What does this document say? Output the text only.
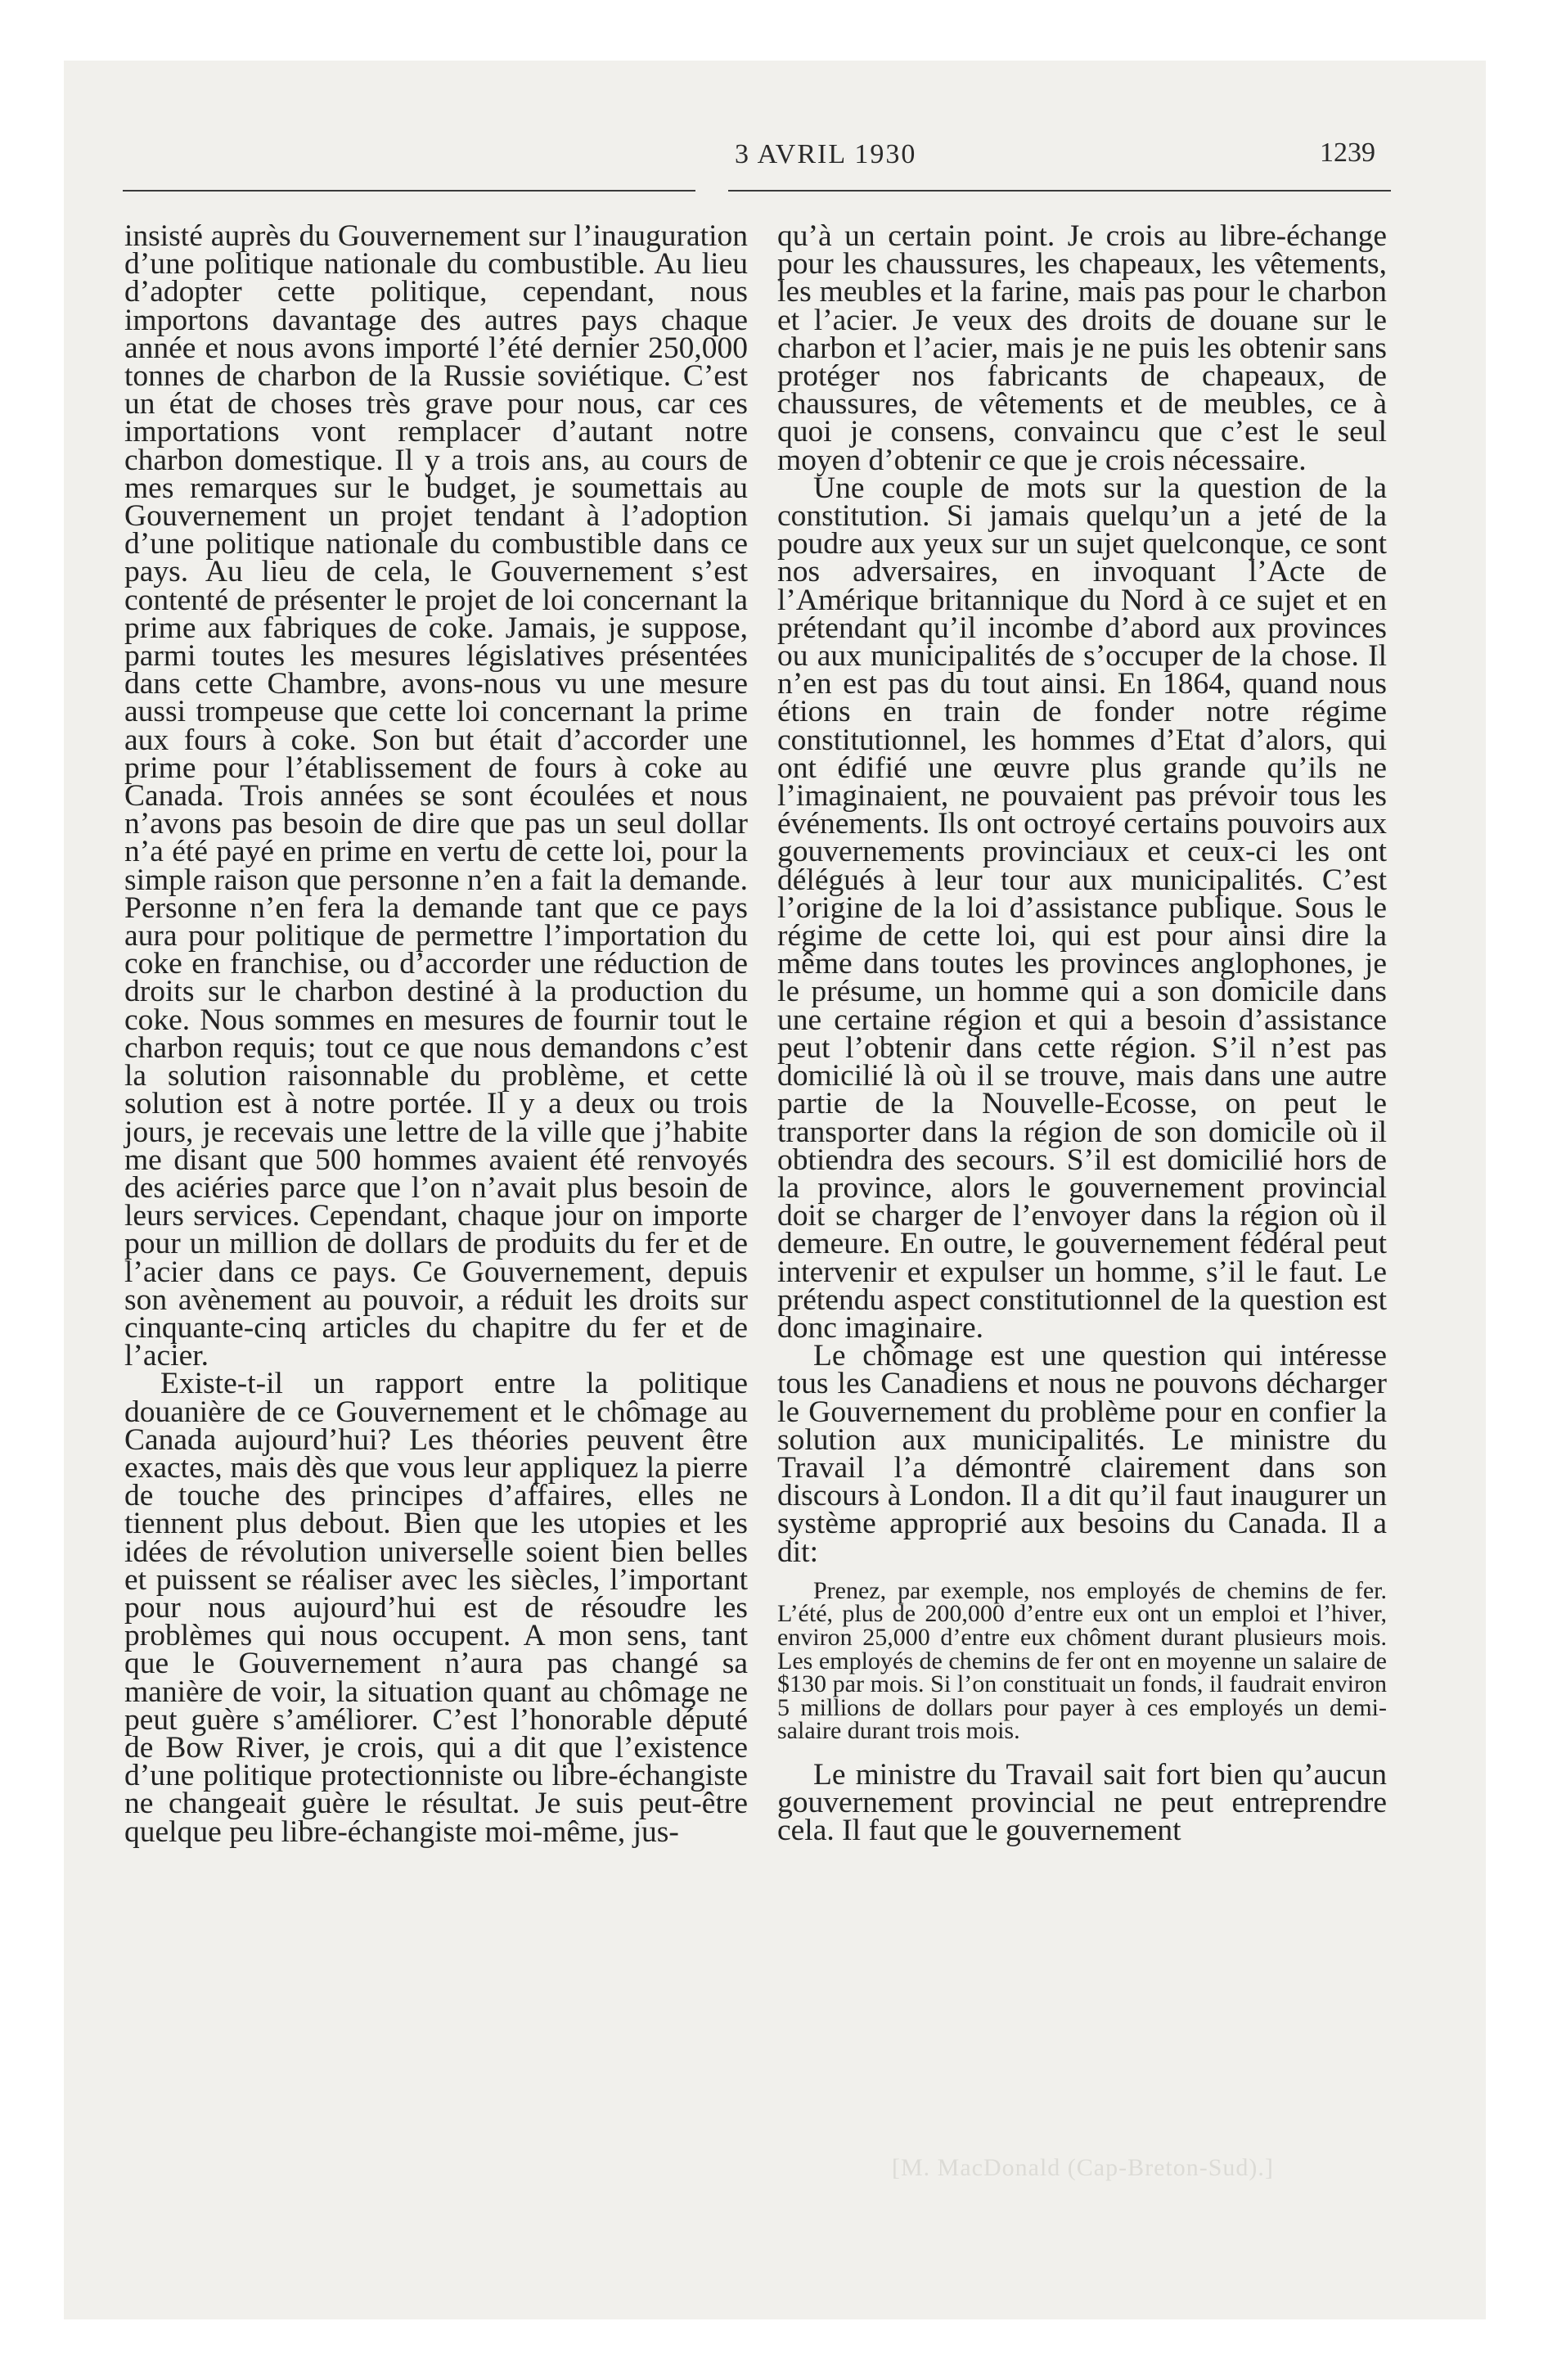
3 AVRIL 1930	1239

insisté auprès du Gouvernement sur l’inauguration d’une politique nationale du combustible. Au lieu d’adopter cette politique, cependant, nous importons davantage des autres pays chaque année et nous avons importé l’été dernier 250,000 tonnes de charbon de la Russie soviétique. C’est un état de choses très grave pour nous, car ces importations vont remplacer d’autant notre charbon domestique. Il y a trois ans, au cours de mes remarques sur le budget, je soumettais au Gouvernement un projet tendant à l’adoption d’une politique nationale du combustible dans ce pays. Au lieu de cela, le Gouvernement s’est contenté de présenter le projet de loi concernant la prime aux fabriques de coke. Jamais, je suppose, parmi toutes les mesures législatives présentées dans cette Chambre, avons-nous vu une mesure aussi trompeuse que cette loi concernant la prime aux fours à coke. Son but était d’accorder une prime pour l’établissement de fours à coke au Canada. Trois années se sont écoulées et nous n’avons pas besoin de dire que pas un seul dollar n’a été payé en prime en vertu de cette loi, pour la simple raison que personne n’en a fait la demande. Personne n’en fera la demande tant que ce pays aura pour politique de permettre l’importation du coke en franchise, ou d’accorder une réduction de droits sur le charbon destiné à la production du coke. Nous sommes en mesures de fournir tout le charbon requis; tout ce que nous demandons c’est la solution raisonnable du problème, et cette solution est à notre portée. Il y a deux ou trois jours, je recevais une lettre de la ville que j’habite me disant que 500 hommes avaient été renvoyés des aciéries parce que l’on n’avait plus besoin de leurs services. Cependant, chaque jour on importe pour un million de dollars de produits du fer et de l’acier dans ce pays. Ce Gouvernement, depuis son avènement au pouvoir, a réduit les droits sur cinquante-cinq articles du chapitre du fer et de l’acier.

Existe-t-il un rapport entre la politique douanière de ce Gouvernement et le chômage au Canada aujourd’hui? Les théories peuvent être exactes, mais dès que vous leur appliquez la pierre de touche des principes d’affaires, elles ne tiennent plus debout. Bien que les utopies et les idées de révolution universelle soient bien belles et puissent se réaliser avec les siècles, l’important pour nous aujourd’hui est de résoudre les problèmes qui nous occupent. A mon sens, tant que le Gouvernement n’aura pas changé sa manière de voir, la situation quant au chômage ne peut guère s’améliorer. C’est l’honorable député de Bow River, je crois, qui a dit que l’existence d’une politique protectionniste ou libre-échangiste ne changeait guère le résultat. Je suis peut-être quelque peu libre-échangiste moi-même, jus-

qu’à un certain point. Je crois au libre-échange pour les chaussures, les chapeaux, les vêtements, les meubles et la farine, mais pas pour le charbon et l’acier. Je veux des droits de douane sur le charbon et l’acier, mais je ne puis les obtenir sans protéger nos fabricants de chapeaux, de chaussures, de vêtements et de meubles, ce à quoi je consens, convaincu que c’est le seul moyen d’obtenir ce que je crois nécessaire.

Une couple de mots sur la question de la constitution. Si jamais quelqu’un a jeté de la poudre aux yeux sur un sujet quelconque, ce sont nos adversaires, en invoquant l’Acte de l’Amérique britannique du Nord à ce sujet et en prétendant qu’il incombe d’abord aux provinces ou aux municipalités de s’occuper de la chose. Il n’en est pas du tout ainsi. En 1864, quand nous étions en train de fonder notre régime constitutionnel, les hommes d’Etat d’alors, qui ont édifié une œuvre plus grande qu’ils ne l’imaginaient, ne pouvaient pas prévoir tous les événements. Ils ont octroyé certains pouvoirs aux gouvernements provinciaux et ceux-ci les ont délégués à leur tour aux municipalités. C’est l’origine de la loi d’assistance publique. Sous le régime de cette loi, qui est pour ainsi dire la même dans toutes les provinces anglophones, je le présume, un homme qui a son domicile dans une certaine région et qui a besoin d’assistance peut l’obtenir dans cette région. S’il n’est pas domicilié là où il se trouve, mais dans une autre partie de la Nouvelle-Ecosse, on peut le transporter dans la région de son domicile où il obtiendra des secours. S’il est domicilié hors de la province, alors le gouvernement provincial doit se charger de l’envoyer dans la région où il demeure. En outre, le gouvernement fédéral peut intervenir et expulser un homme, s’il le faut. Le prétendu aspect constitutionnel de la question est donc imaginaire.

Le chômage est une question qui intéresse tous les Canadiens et nous ne pouvons décharger le Gouvernement du problème pour en confier la solution aux municipalités. Le ministre du Travail l’a démontré clairement dans son discours à London. Il a dit qu’il faut inaugurer un système approprié aux besoins du Canada. Il a dit:

Prenez, par exemple, nos employés de chemins de fer. L’été, plus de 200,000 d’entre eux ont un emploi et l’hiver, environ 25,000 d’entre eux chôment durant plusieurs mois. Les employés de chemins de fer ont en moyenne un salaire de $130 par mois. Si l’on constituait un fonds, il faudrait environ 5 millions de dollars pour payer à ces employés un demi-salaire durant trois mois.

Le ministre du Travail sait fort bien qu’aucun gouvernement provincial ne peut entreprendre cela. Il faut que le gouvernement

[M. MacDonald (Cap-Breton-Sud).]
